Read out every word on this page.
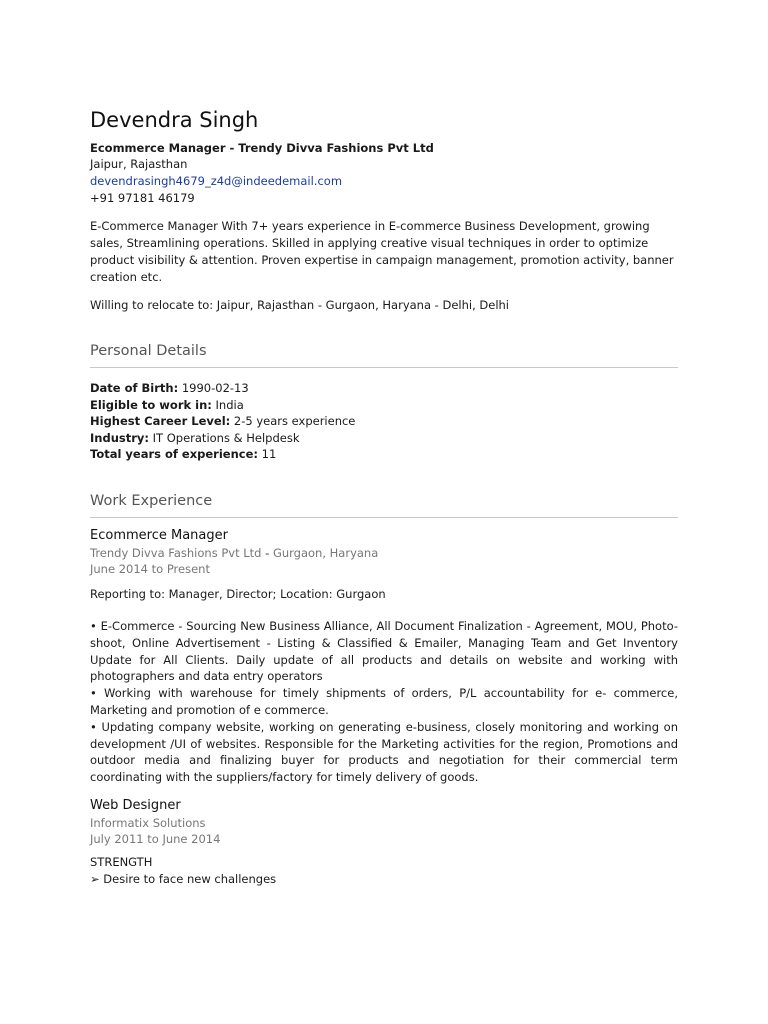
Devendra Singh
Ecommerce Manager - Trendy Divva Fashions Pvt Ltd
Jaipur, Rajasthan
devendrasingh4679_z4d@indeedemail.com
+91 97181 46179
E-Commerce Manager With 7+ years experience in E-commerce Business Development, growing sales, Streamlining operations. Skilled in applying creative visual techniques in order to optimize product visibility & attention. Proven expertise in campaign management, promotion activity, banner creation etc.
Willing to relocate to: Jaipur, Rajasthan - Gurgaon, Haryana - Delhi, Delhi
Personal Details
Date of Birth: 1990-02-13
Eligible to work in: India
Highest Career Level: 2-5 years experience
Industry: IT Operations & Helpdesk
Total years of experience: 11
Work Experience
Ecommerce Manager
Trendy Divva Fashions Pvt Ltd - Gurgaon, Haryana
June 2014 to Present
Reporting to: Manager, Director; Location: Gurgaon
• E-Commerce - Sourcing New Business Alliance, All Document Finalization - Agreement, MOU, Photo-shoot, Online Advertisement - Listing & Classified & Emailer, Managing Team and Get Inventory Update for All Clients. Daily update of all products and details on website and working with photographers and data entry operators
• Working with warehouse for timely shipments of orders, P/L accountability for e- commerce, Marketing and promotion of e commerce.
• Updating company website, working on generating e-business, closely monitoring and working on development /UI of websites. Responsible for the Marketing activities for the region, Promotions and outdoor media and finalizing buyer for products and negotiation for their commercial term coordinating with the suppliers/factory for timely delivery of goods.
Web Designer
Informatix Solutions
July 2011 to June 2014
STRENGTH
➢ Desire to face new challenges
